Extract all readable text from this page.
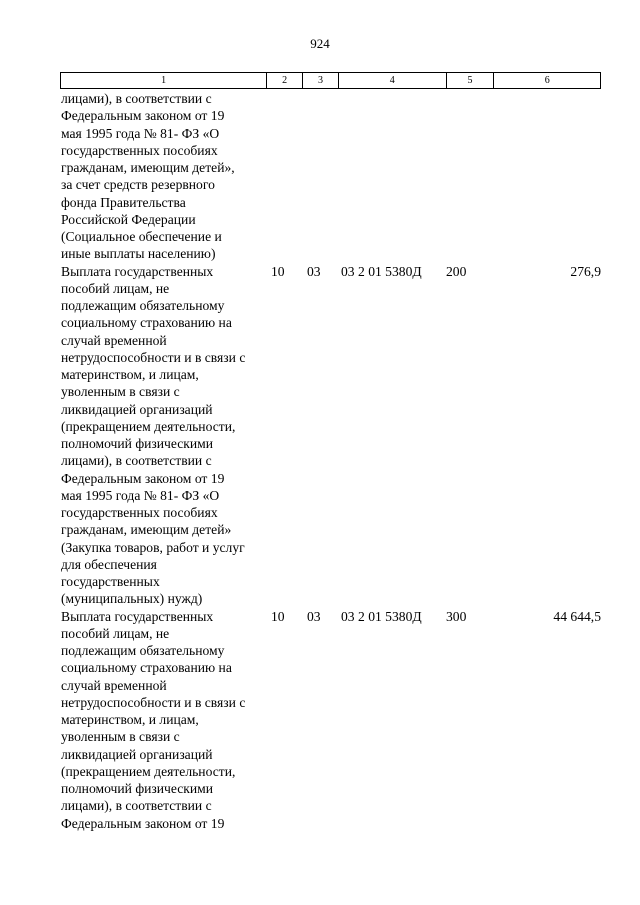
924
1	2	3	4	5	6
лицами), в соответствии с
Федеральным законом от 19
мая 1995 года № 81- ФЗ «О
государственных пособиях
гражданам, имеющим детей»,
за счет средств резервного
фонда Правительства
Российской Федерации
(Социальное обеспечение и
иные выплаты населению)
Выплата государственных
пособий лицам, не
подлежащим обязательному
социальному страхованию на
случай временной
нетрудоспособности и в связи с
материнством, и лицам,
уволенным в связи с
ликвидацией организаций
(прекращением деятельности,
полномочий физическими
лицами), в соответствии с
Федеральным законом от 19
мая 1995 года № 81- ФЗ «О
государственных пособиях
гражданам, имеющим детей»
(Закупка товаров, работ и услуг
для обеспечения
государственных
(муниципальных) нужд)
10	03	03 2 01 5380Д	200	276,9
Выплата государственных
пособий лицам, не
подлежащим обязательному
социальному страхованию на
случай временной
нетрудоспособности и в связи с
материнством, и лицам,
уволенным в связи с
ликвидацией организаций
(прекращением деятельности,
полномочий физическими
лицами), в соответствии с
Федеральным законом от 19
10	03	03 2 01 5380Д	300	44 644,5
